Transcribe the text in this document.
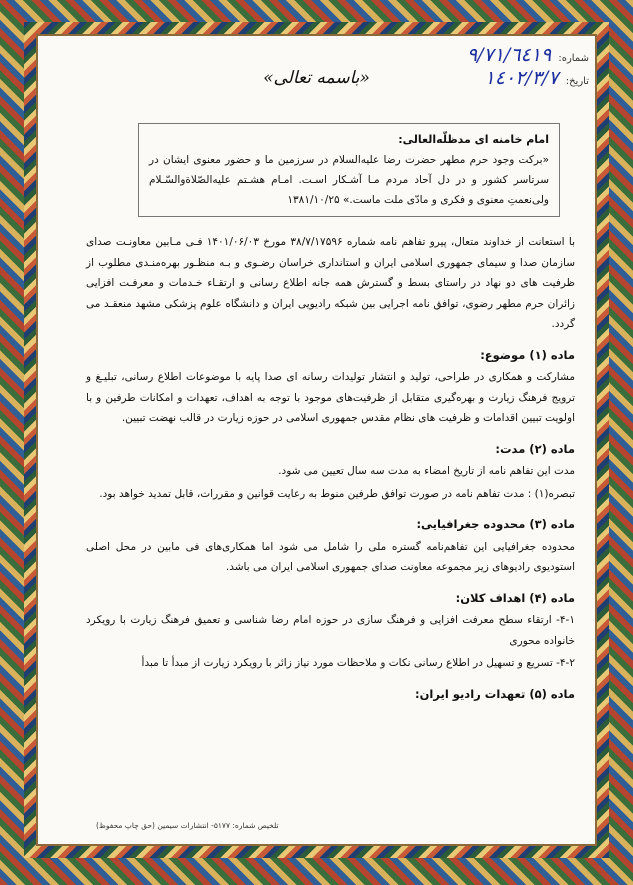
شماره: ٩/٧١/٦٤١٩
تاریخ: ١٤٠٢/٣/٧
«باسمه تعالی»
امام خامنه ای مدظلّه‌العالی:
«برکت وجود حرم مطهر حضرت رضا علیه‌السلام در سرزمین ما و حضور معنوی ایشان در سرتاسر کشور و در دل آحاد مردم مـا آشـکار اسـت. امـام هشـتم علیه‌الصّلاةوالسّـلام ولی‌نعمتِ معنوی و فکری و مادّی ملت ماست.» ۱۳۸۱/۱۰/۲۵

با استعانت از خداوند متعال، پیرو تفاهم نامه شماره ۳۸/۷/۱۷۵۹۶ مورخ ۱۴۰۱/۰۶/۰۳ فـی مـابین معاونـت صدای سازمان صدا و سیمای جمهوری اسلامی ایران و استانداری خراسان رضـوی و بـه منظـور بهره‌منـدی مطلوب از ظرفیت های دو نهاد در راستای بسط و گسترش همه جانه اطلاع رسانی و ارتقـاء خـدمات و معرفـت افزایی زائران حرم مطهر رضوی، توافق نامه اجرایی بین شبکه رادیویی ایران و دانشگاه علوم پزشکی مشهد منعقـد می گردد.

ماده (۱) موضوع:

مشارکت و همکاری در طراحی، تولید و انتشار تولیدات رسانه ای صدا پایه با موضوعات اطلاع رسانی، تبلیـغ و ترویج فرهنگ زیارت و بهره‌گیری متقابل از ظرفیت‌های موجود با توجه به اهداف، تعهدات و امکانات طرفین و با اولویت تبیین اقدامات و ظرفیت های نظام مقدس جمهوری اسلامی در حوزه زیارت در قالب نهضت تبیین.

ماده (۲) مدت:

مدت این تفاهم نامه از تاریخ امضاء به مدت سه سال تعیین می شود.

تبصره(۱) : مدت تفاهم نامه در صورت توافق طرفین منوط به رعایت قوانین و مقررات، قابل تمدید خواهد بود.

ماده (۳) محدوده جغرافیایی:

محدوده جغرافیایی این تفاهم‌نامه گستره ملی را شامل می شود اما همکاری‌های فی مابین در محل اصلی استودیوی رادیوهای زیر مجموعه معاونت صدای جمهوری اسلامی ایران می باشد.

ماده (۴) اهداف کلان:

۴-۱- ارتقاء سطح معرفت افزایی و فرهنگ سازی در حوزه امام رضا شناسی و تعمیق فرهنگ زیارت با رویکرد خانواده محوری

۴-۲- تسریع و تسهیل در اطلاع رسانی نکات و ملاحظات مورد نیاز زائر با رویکرد زیارت از مبدأ تا مبدأ

ماده (۵) تعهدات رادیو ایران:
تلخیص شماره: ۵۱۷۷- انتشارات سیمین (حق چاپ محفوظ)
